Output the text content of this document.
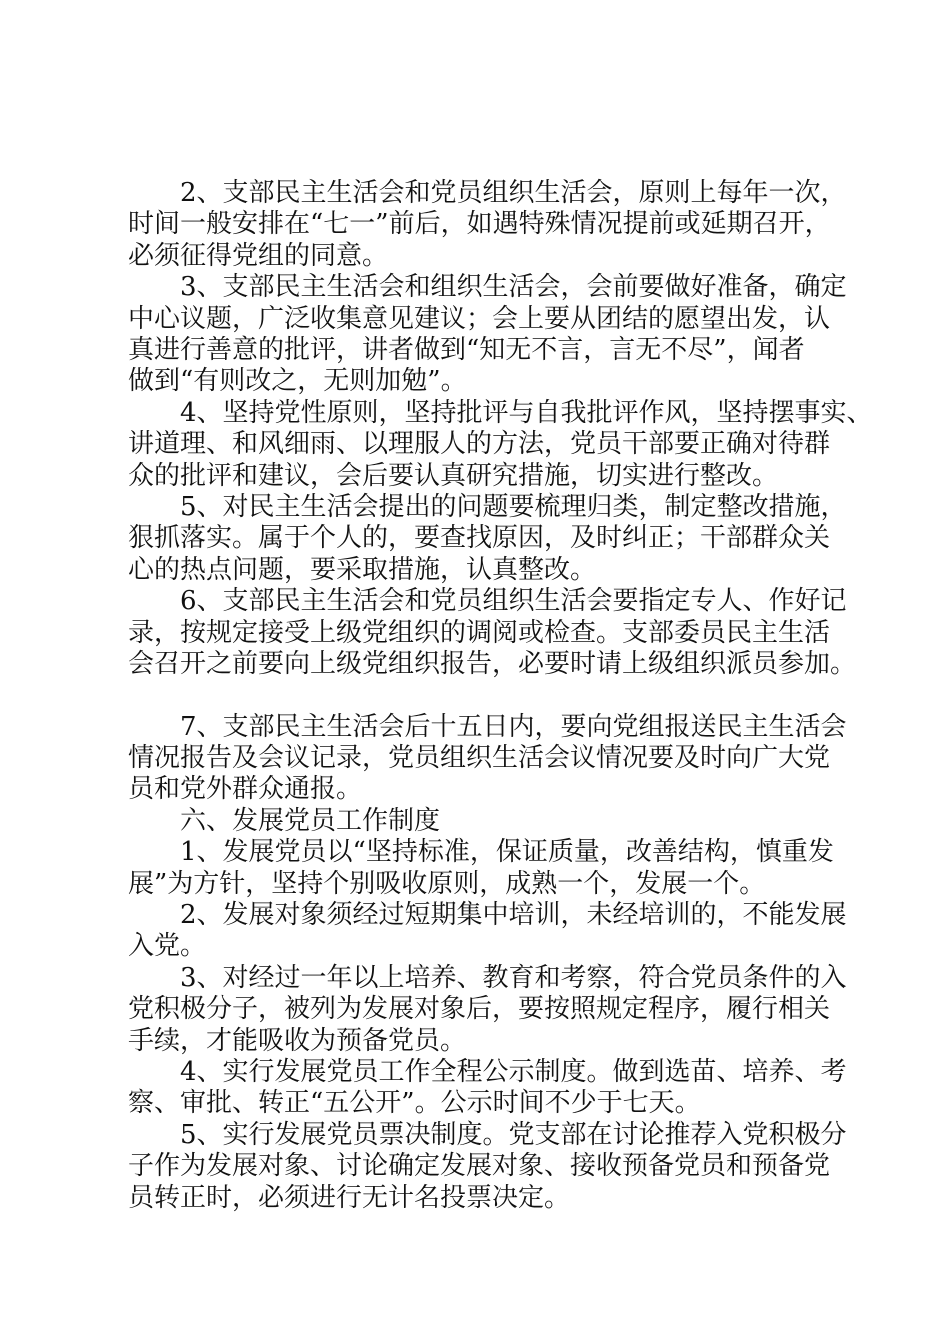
2、支部民主生活会和党员组织生活会，原则上每年一次，
时间一般安排在“七一”前后，如遇特殊情况提前或延期召开，
必须征得党组的同意。

3、支部民主生活会和组织生活会，会前要做好准备，确定
中心议题，广泛收集意见建议；会上要从团结的愿望出发，认
真进行善意的批评，讲者做到“知无不言，言无不尽”，闻者
做到“有则改之，无则加勉”。

4、坚持党性原则，坚持批评与自我批评作风，坚持摆事实、
讲道理、和风细雨、以理服人的方法，党员干部要正确对待群
众的批评和建议，会后要认真研究措施，切实进行整改。

5、对民主生活会提出的问题要梳理归类，制定整改措施，
狠抓落实。属于个人的，要查找原因，及时纠正；干部群众关
心的热点问题，要采取措施，认真整改。

6、支部民主生活会和党员组织生活会要指定专人、作好记
录，按规定接受上级党组织的调阅或检查。支部委员民主生活
会召开之前要向上级党组织报告，必要时请上级组织派员参加。

7、支部民主生活会后十五日内，要向党组报送民主生活会
情况报告及会议记录，党员组织生活会议情况要及时向广大党
员和党外群众通报。

六、发展党员工作制度

1、发展党员以“坚持标准，保证质量，改善结构，慎重发
展”为方针，坚持个别吸收原则，成熟一个，发展一个。

2、发展对象须经过短期集中培训，未经培训的，不能发展
入党。

3、对经过一年以上培养、教育和考察，符合党员条件的入
党积极分子，被列为发展对象后，要按照规定程序，履行相关
手续，才能吸收为预备党员。

4、实行发展党员工作全程公示制度。做到选苗、培养、考
察、审批、转正“五公开”。公示时间不少于七天。

5、实行发展党员票决制度。党支部在讨论推荐入党积极分
子作为发展对象、讨论确定发展对象、接收预备党员和预备党
员转正时，必须进行无计名投票决定。
